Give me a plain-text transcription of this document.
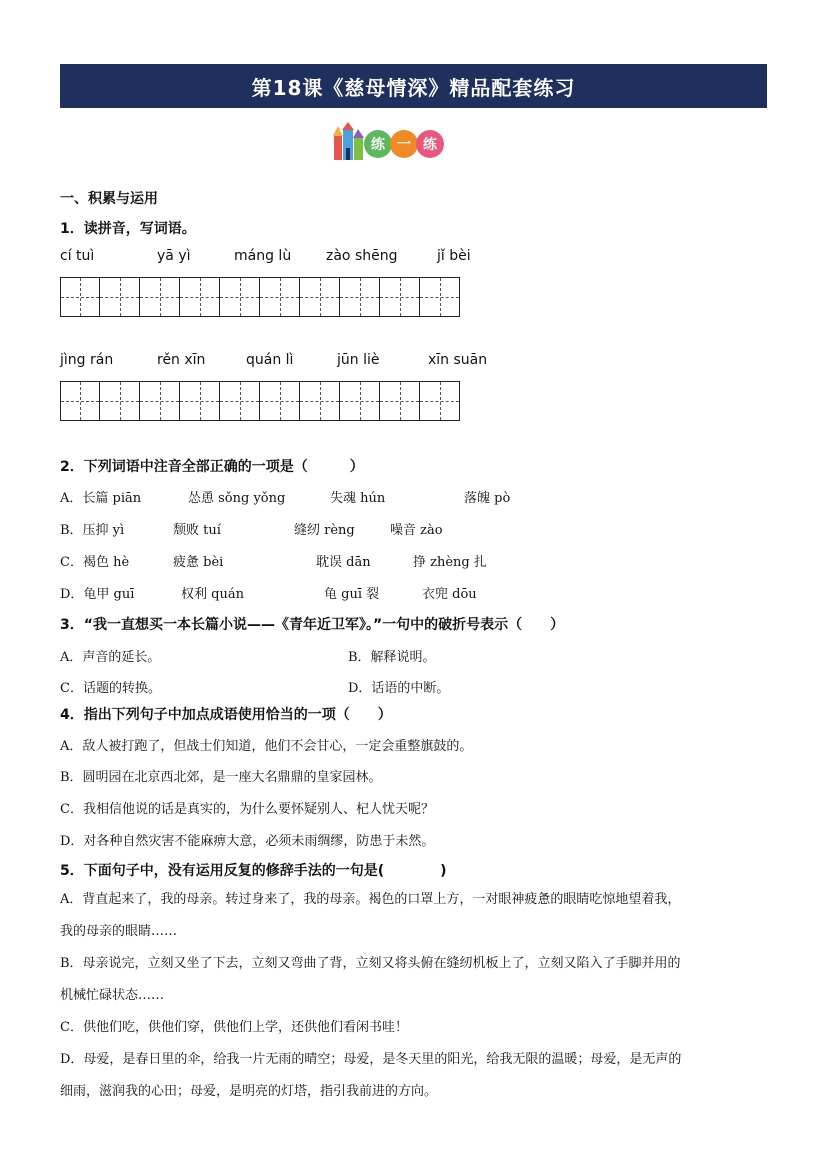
第18课《慈母情深》精品配套练习
练 一 练
一、积累与运用
1．读拼音，写词语。
cí tuì	yā yì	máng lù zào shēng	jǐ bèi
jìng rán	rěn xīn	quán lì	jūn liè	xīn suān
2．下列词语中注音全部正确的一项是（　　　）
A．长篇 piān	怂恿 sǒng yǒng	失魂 hún	落魄 pò
B．压抑 yì	颓败 tuí	缝纫 rèng	噪音 zào
C．褐色 hè	疲惫 bèi	耽误 dān	挣 zhèng 扎
D．龟甲 guī	权利 quán	龟 guī 裂	衣兜 dōu
3．“我一直想买一本长篇小说——《青年近卫军》。”一句中的破折号表示（　　）
A．声音的延长。	B．解释说明。
C．话题的转换。	D．话语的中断。
4．指出下列句子中加点成语使用恰当的一项（　　）
A．敌人被打跑了，但战士们知道，他们不会甘心，一定会重整旗鼓的。
B．圆明园在北京西北郊，是一座大名鼎鼎的皇家园林。
C．我相信他说的话是真实的，为什么要怀疑别人、杞人忧天呢？
D．对各种自然灾害不能麻痹大意，必须未雨绸缪，防患于未然。
5．下面句子中，没有运用反复的修辞手法的一句是(　　　　)
A．背直起来了，我的母亲。转过身来了，我的母亲。褐色的口罩上方，一对眼神疲惫的眼睛吃惊地望着我，
我的母亲的眼睛……
B．母亲说完，立刻又坐了下去，立刻又弯曲了背，立刻又将头俯在缝纫机板上了，立刻又陷入了手脚并用的
机械忙碌状态……
C．供他们吃，供他们穿，供他们上学，还供他们看闲书哇！
D．母爱，是春日里的伞，给我一片无雨的晴空；母爱，是冬天里的阳光，给我无限的温暖；母爱，是无声的
细雨，滋润我的心田；母爱，是明亮的灯塔，指引我前进的方向。
